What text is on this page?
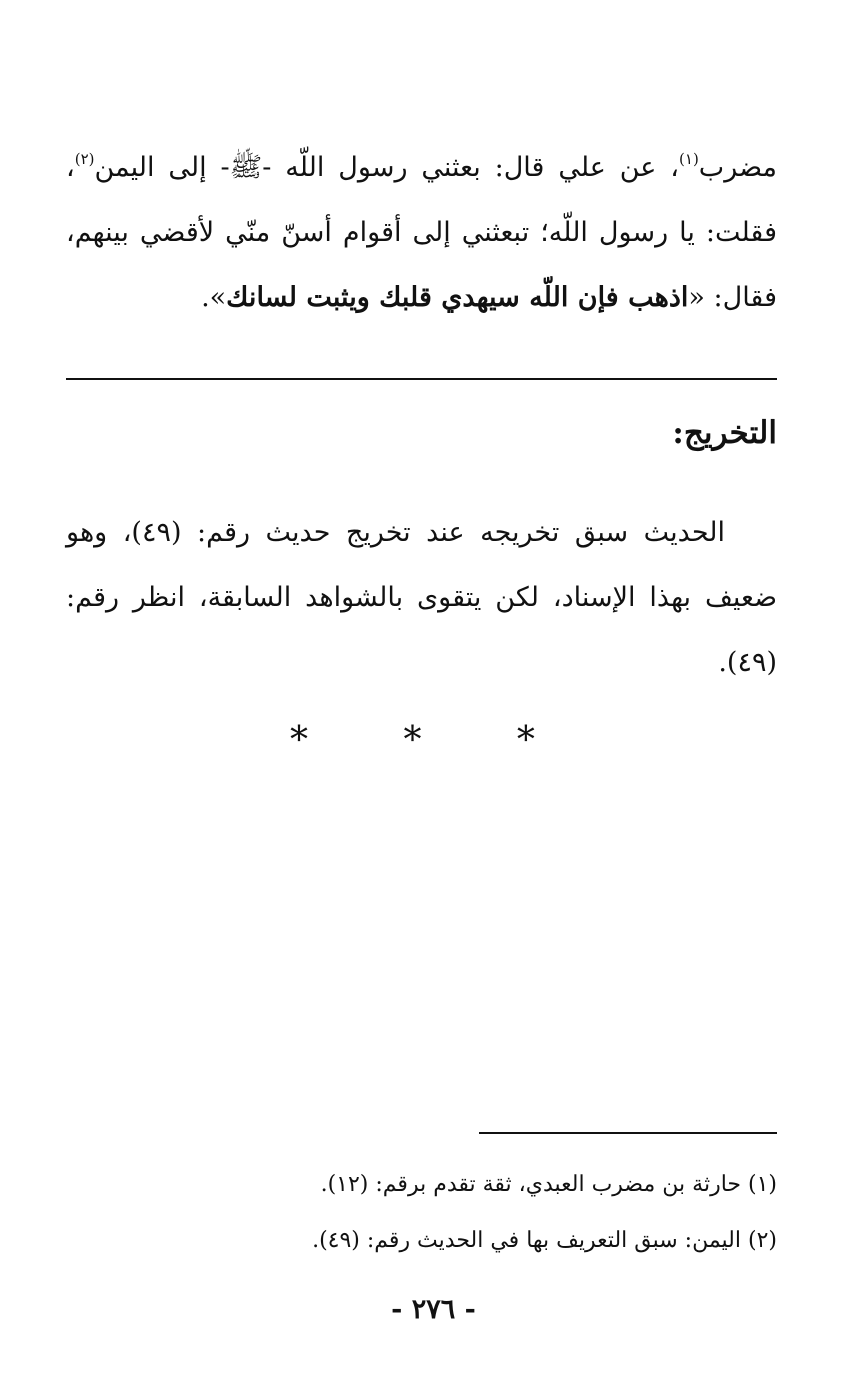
مضرب$^{(١)}$، عن علي قال: بعثني رسول اللّه -ﷺ- إلى اليمن$^{(٢)}$، فقلت: يا رسول اللّه؛ تبعثني إلى أقوام أسنّ منّي لأقضي بينهم، فقال: «اذهب فإن اللّه سيهدي قلبك ويثبت لسانك».

التخريج:

الحديث سبق تخريجه عند تخريج حديث رقم: (٤٩)، وهو ضعيف بهذا الإسناد، لكن يتقوى بالشواهد السابقة، انظر رقم: (٤٩).

* * *
(١) حارثة بن مضرب العبدي، ثقة تقدم برقم: (١٢).
(٢) اليمن: سبق التعريف بها في الحديث رقم: (٤٩).
- ٢٧٦ -
